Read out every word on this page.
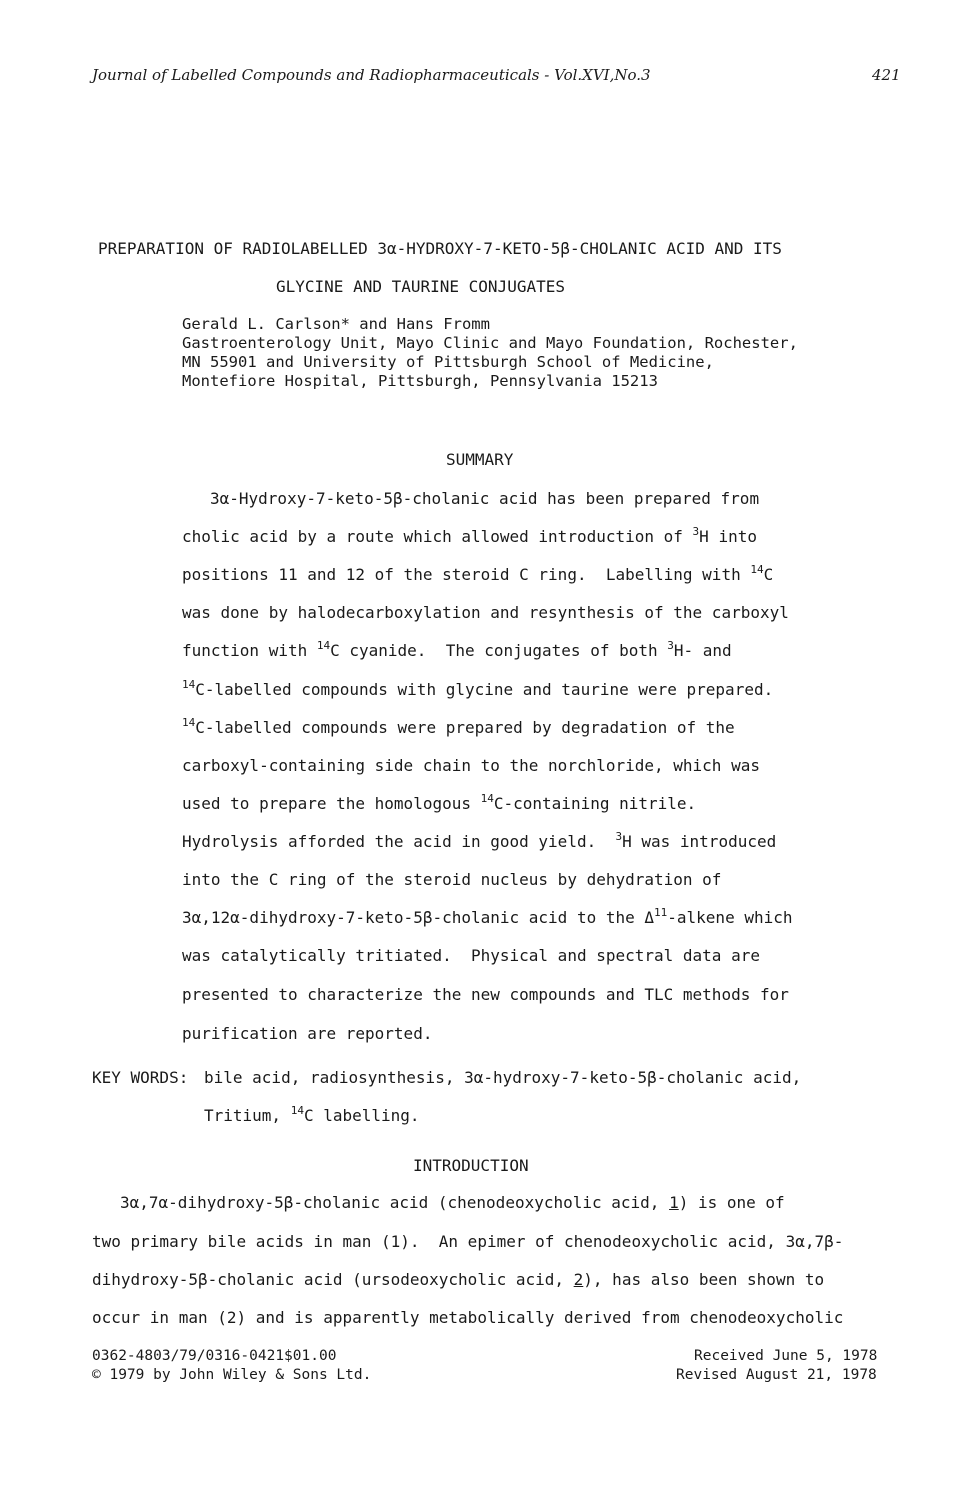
Journal of Labelled Compounds and Radiopharmaceuticals - Vol.XVI,No.3	421
PREPARATION OF RADIOLABELLED 3α-HYDROXY-7-KETO-5β-CHOLANIC ACID AND ITS
GLYCINE AND TAURINE CONJUGATES
Gerald L. Carlson* and Hans Fromm
Gastroenterology Unit, Mayo Clinic and Mayo Foundation, Rochester,
MN 55901 and University of Pittsburgh School of Medicine,
Montefiore Hospital, Pittsburgh, Pennsylvania 15213
SUMMARY
3α-Hydroxy-7-keto-5β-cholanic acid has been prepared from
cholic acid by a route which allowed introduction of $^3$H into
positions 11 and 12 of the steroid C ring.  Labelling with $^{14}$C
was done by halodecarboxylation and resynthesis of the carboxyl
function with $^{14}$C cyanide.  The conjugates of both $^3$H- and
$^{14}$C-labelled compounds with glycine and taurine were prepared.
$^{14}$C-labelled compounds were prepared by degradation of the
carboxyl-containing side chain to the norchloride, which was
used to prepare the homologous $^{14}$C-containing nitrile.
Hydrolysis afforded the acid in good yield.  $^3$H was introduced
into the C ring of the steroid nucleus by dehydration of
3α,12α-dihydroxy-7-keto-5β-cholanic acid to the $\Delta^{11}$-alkene which
was catalytically tritiated.  Physical and spectral data are
presented to characterize the new compounds and TLC methods for
purification are reported.
KEY WORDS: bile acid, radiosynthesis, 3α-hydroxy-7-keto-5β-cholanic acid,
Tritium, $^{14}$C labelling.
INTRODUCTION
3α,7α-dihydroxy-5β-cholanic acid (chenodeoxycholic acid, 1) is one of
two primary bile acids in man (1).  An epimer of chenodeoxycholic acid, 3α,7β-
dihydroxy-5β-cholanic acid (ursodeoxycholic acid, 2), has also been shown to
occur in man (2) and is apparently metabolically derived from chenodeoxycholic
0362-4803/79/0316-0421$01.00
© 1979 by John Wiley & Sons Ltd.
Received June 5, 1978
Revised August 21, 1978
